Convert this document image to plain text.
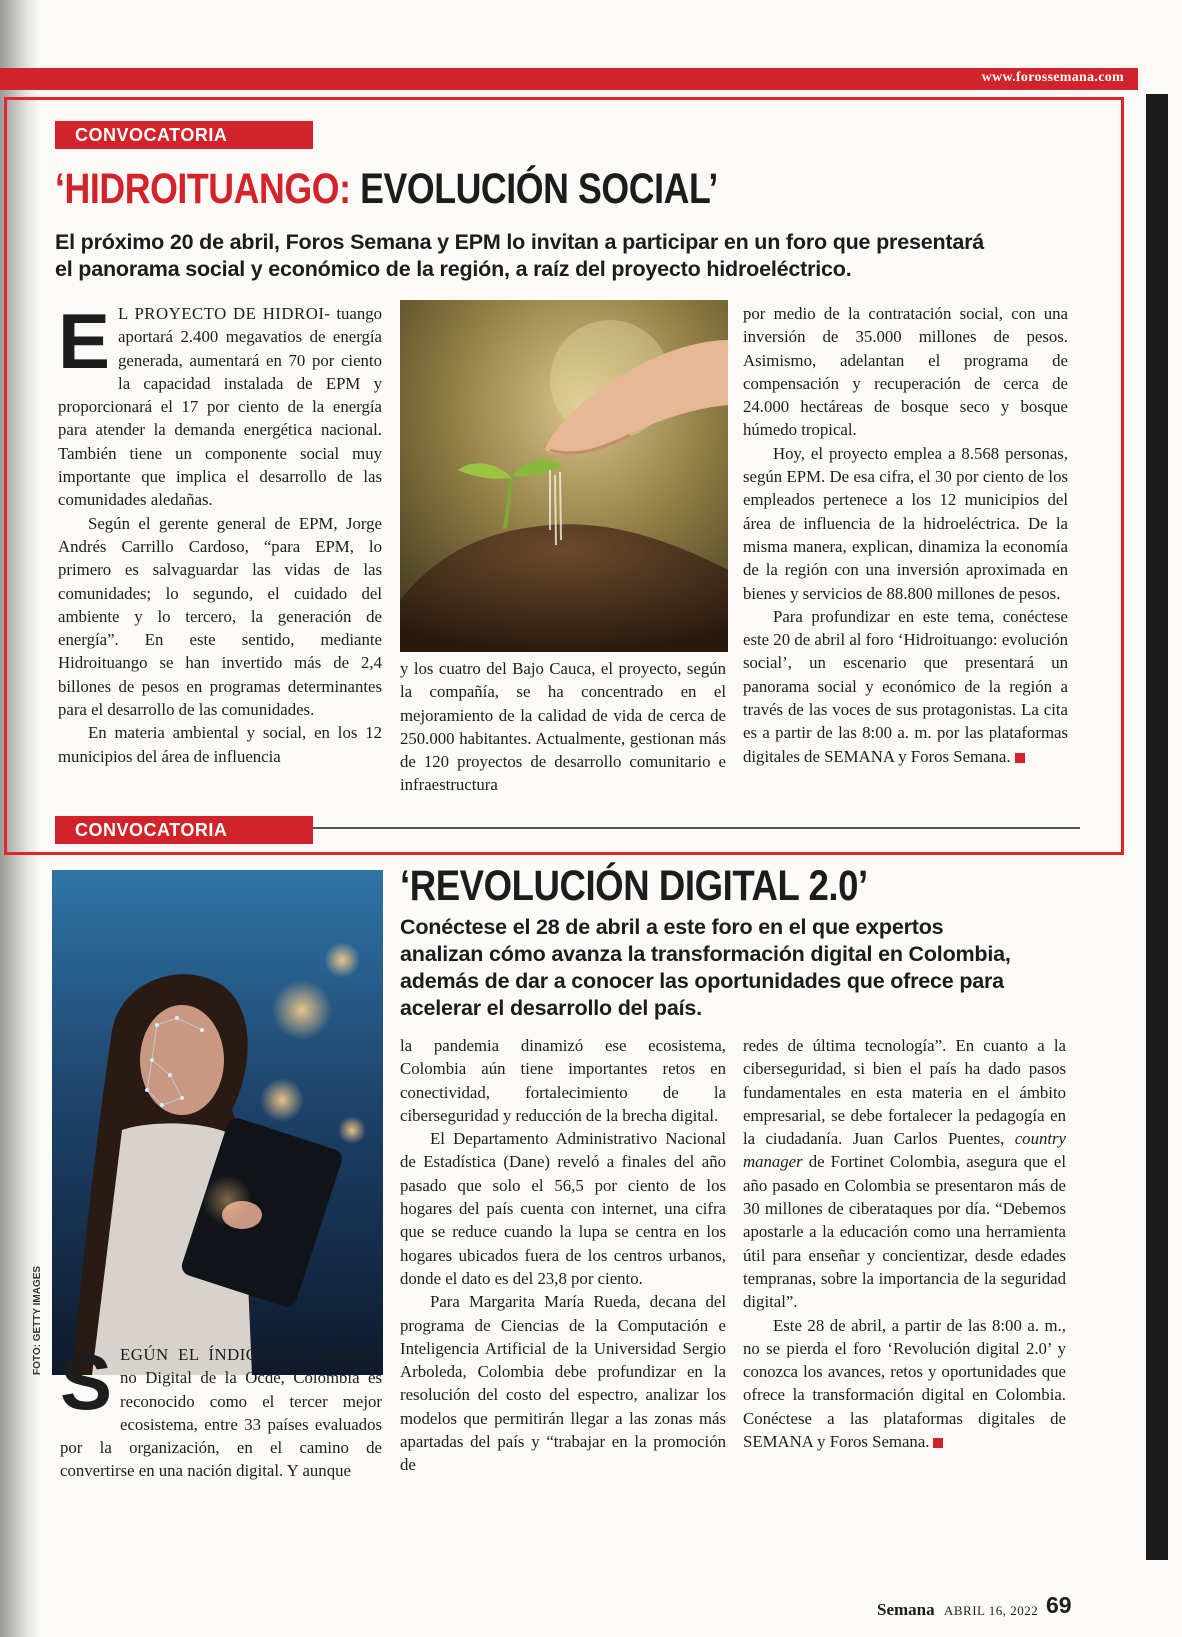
www.forossemana.com
CONVOCATORIA
‘HIDROITUANGO: EVOLUCIÓN SOCIAL’
El próximo 20 de abril, Foros Semana y EPM lo invitan a participar en un foro que presentará
el panorama social y económico de la región, a raíz del proyecto hidroeléctrico.

E L PROYECTO DE HIDROI- tuango aportará 2.400 megavatios de energía generada, aumentará en 70 por ciento la capacidad instalada de EPM y proporcionará el 17 por ciento de la energía para atender la demanda energética nacional. También tiene un componente social muy importante que implica el desarrollo de las comunidades aledañas.

Según el gerente general de EPM, Jorge Andrés Carrillo Cardoso, “para EPM, lo primero es salvaguardar las vidas de las comunidades; lo segundo, el cuidado del ambiente y lo tercero, la generación de energía”. En este sentido, mediante Hidroituango se han invertido más de 2,4 billones de pesos en programas determinantes para el desarrollo de las comunidades.

En materia ambiental y social, en los 12 municipios del área de influencia

y los cuatro del Bajo Cauca, el proyecto, según la compañía, se ha concentrado en el mejoramiento de la calidad de vida de cerca de 250.000 habitantes. Actualmente, gestionan más de 120 proyectos de desarrollo comunitario e infraestructura

por medio de la contratación social, con una inversión de 35.000 millones de pesos. Asimismo, adelantan el programa de compensación y recuperación de cerca de 24.000 hectáreas de bosque seco y bosque húmedo tropical.

Hoy, el proyecto emplea a 8.568 personas, según EPM. De esa cifra, el 30 por ciento de los empleados pertenece a los 12 municipios del área de influencia de la hidroeléctrica. De la misma manera, explican, dinamiza la economía de la región con una inversión aproximada en bienes y servicios de 88.800 millones de pesos.

Para profundizar en este tema, conéctese este 20 de abril al foro ‘Hidroituango: evolución social’, un escenario que presentará un panorama social y económico de la región a través de las voces de sus protagonistas. La cita es a partir de las 8:00 a. m. por las plataformas digitales de SEMANA y Foros Semana.

CONVOCATORIA
‘REVOLUCIÓN DIGITAL 2.0’
Conéctese el 28 de abril a este foro en el que expertos
analizan cómo avanza la transformación digital en Colombia,
además de dar a conocer las oportunidades que ofrece para
acelerar el desarrollo del país.
FOTO: GETTY IMAGES

SEGÚN EL ÍNDICE DE GOBIER- no Digital de la Ocde, Colombia es reconocido como el tercer mejor ecosistema, entre 33 países evaluados por la organización, en el camino de convertirse en una nación digital. Y aunque

la pandemia dinamizó ese ecosistema, Colombia aún tiene importantes retos en conectividad, fortalecimiento de la ciberseguridad y reducción de la brecha digital.

El Departamento Administrativo Nacional de Estadística (Dane) reveló a finales del año pasado que solo el 56,5 por ciento de los hogares del país cuenta con internet, una cifra que se reduce cuando la lupa se centra en los hogares ubicados fuera de los centros urbanos, donde el dato es del 23,8 por ciento.

Para Margarita María Rueda, decana del programa de Ciencias de la Computación e Inteligencia Artificial de la Universidad Sergio Arboleda, Colombia debe profundizar en la resolución del costo del espectro, analizar los modelos que permitirán llegar a las zonas más apartadas del país y “trabajar en la promoción de

redes de última tecnología”. En cuanto a la ciberseguridad, si bien el país ha dado pasos fundamentales en esta materia en el ámbito empresarial, se debe fortalecer la pedagogía en la ciudadanía. Juan Carlos Puentes, country manager de Fortinet Colombia, asegura que el año pasado en Colombia se presentaron más de 30 millones de ciberataques por día. “Debemos apostarle a la educación como una herramienta útil para enseñar y concientizar, desde edades tempranas, sobre la importancia de la seguridad digital”.

Este 28 de abril, a partir de las 8:00 a. m., no se pierda el foro ‘Revolución digital 2.0’ y conozca los avances, retos y oportunidades que ofrece la transformación digital en Colombia. Conéctese a las plataformas digitales de SEMANA y Foros Semana.

Semana ABRIL 16, 2022 69
